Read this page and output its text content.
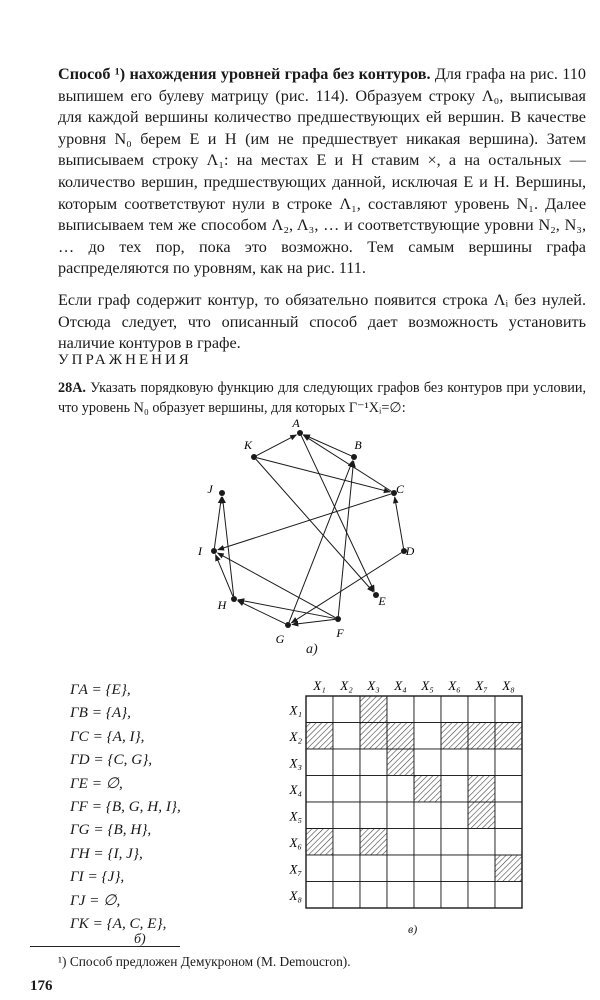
Способ ¹) нахождения уровней графа без контуров. Для графа на рис. 110 выпишем его булеву матрицу (рис. 114). Образуем строку Λ₀, выписывая для каждой вершины количество предшествующих ей вершин. В качестве уровня N₀ берем E и H (им не предшествует никакая вершина). Затем выписываем строку Λ₁: на местах E и H ставим ×, а на остальных — количество вершин, предшествующих данной, исключая E и H. Вершины, которым соответствуют нули в строке Λ₁, составляют уровень N₁. Далее выписываем тем же способом Λ₂, Λ₃, … и соответствующие уровни N₂, N₃, … до тех пор, пока это возможно. Тем самым вершины графа распределяются по уровням, как на рис. 111.

Если граф содержит контур, то обязательно появится строка Λᵢ без нулей. Отсюда следует, что описанный способ дает возможность установить наличие контуров в графе.

УПРАЖНЕНИЯ

28A. Указать порядковую функцию для следующих графов без контуров при условии, что уровень N₀ образует вершины, для которых Γ⁻¹Xᵢ=∅:

A
B
C
D
E
F
G
H
I
J
K
a)
ΓA = {E},
ΓB = {A},
ΓC = {A, I},
ΓD = {C, G},
ΓE = ∅,
ΓF = {B, G, H, I},
ΓG = {B, H},
ΓH = {I, J},
ΓI = {J},
ΓJ = ∅,
ΓK = {A, C, E},
б)
X₁ X₂ X₃ X₄ X₅ X₆ X₇ X₈
X₁
X₂
X₃
X₄
X₅
X₆
X₇
X₈
в)

¹) Способ предложен Демукроном (M. Demoucron).

176
